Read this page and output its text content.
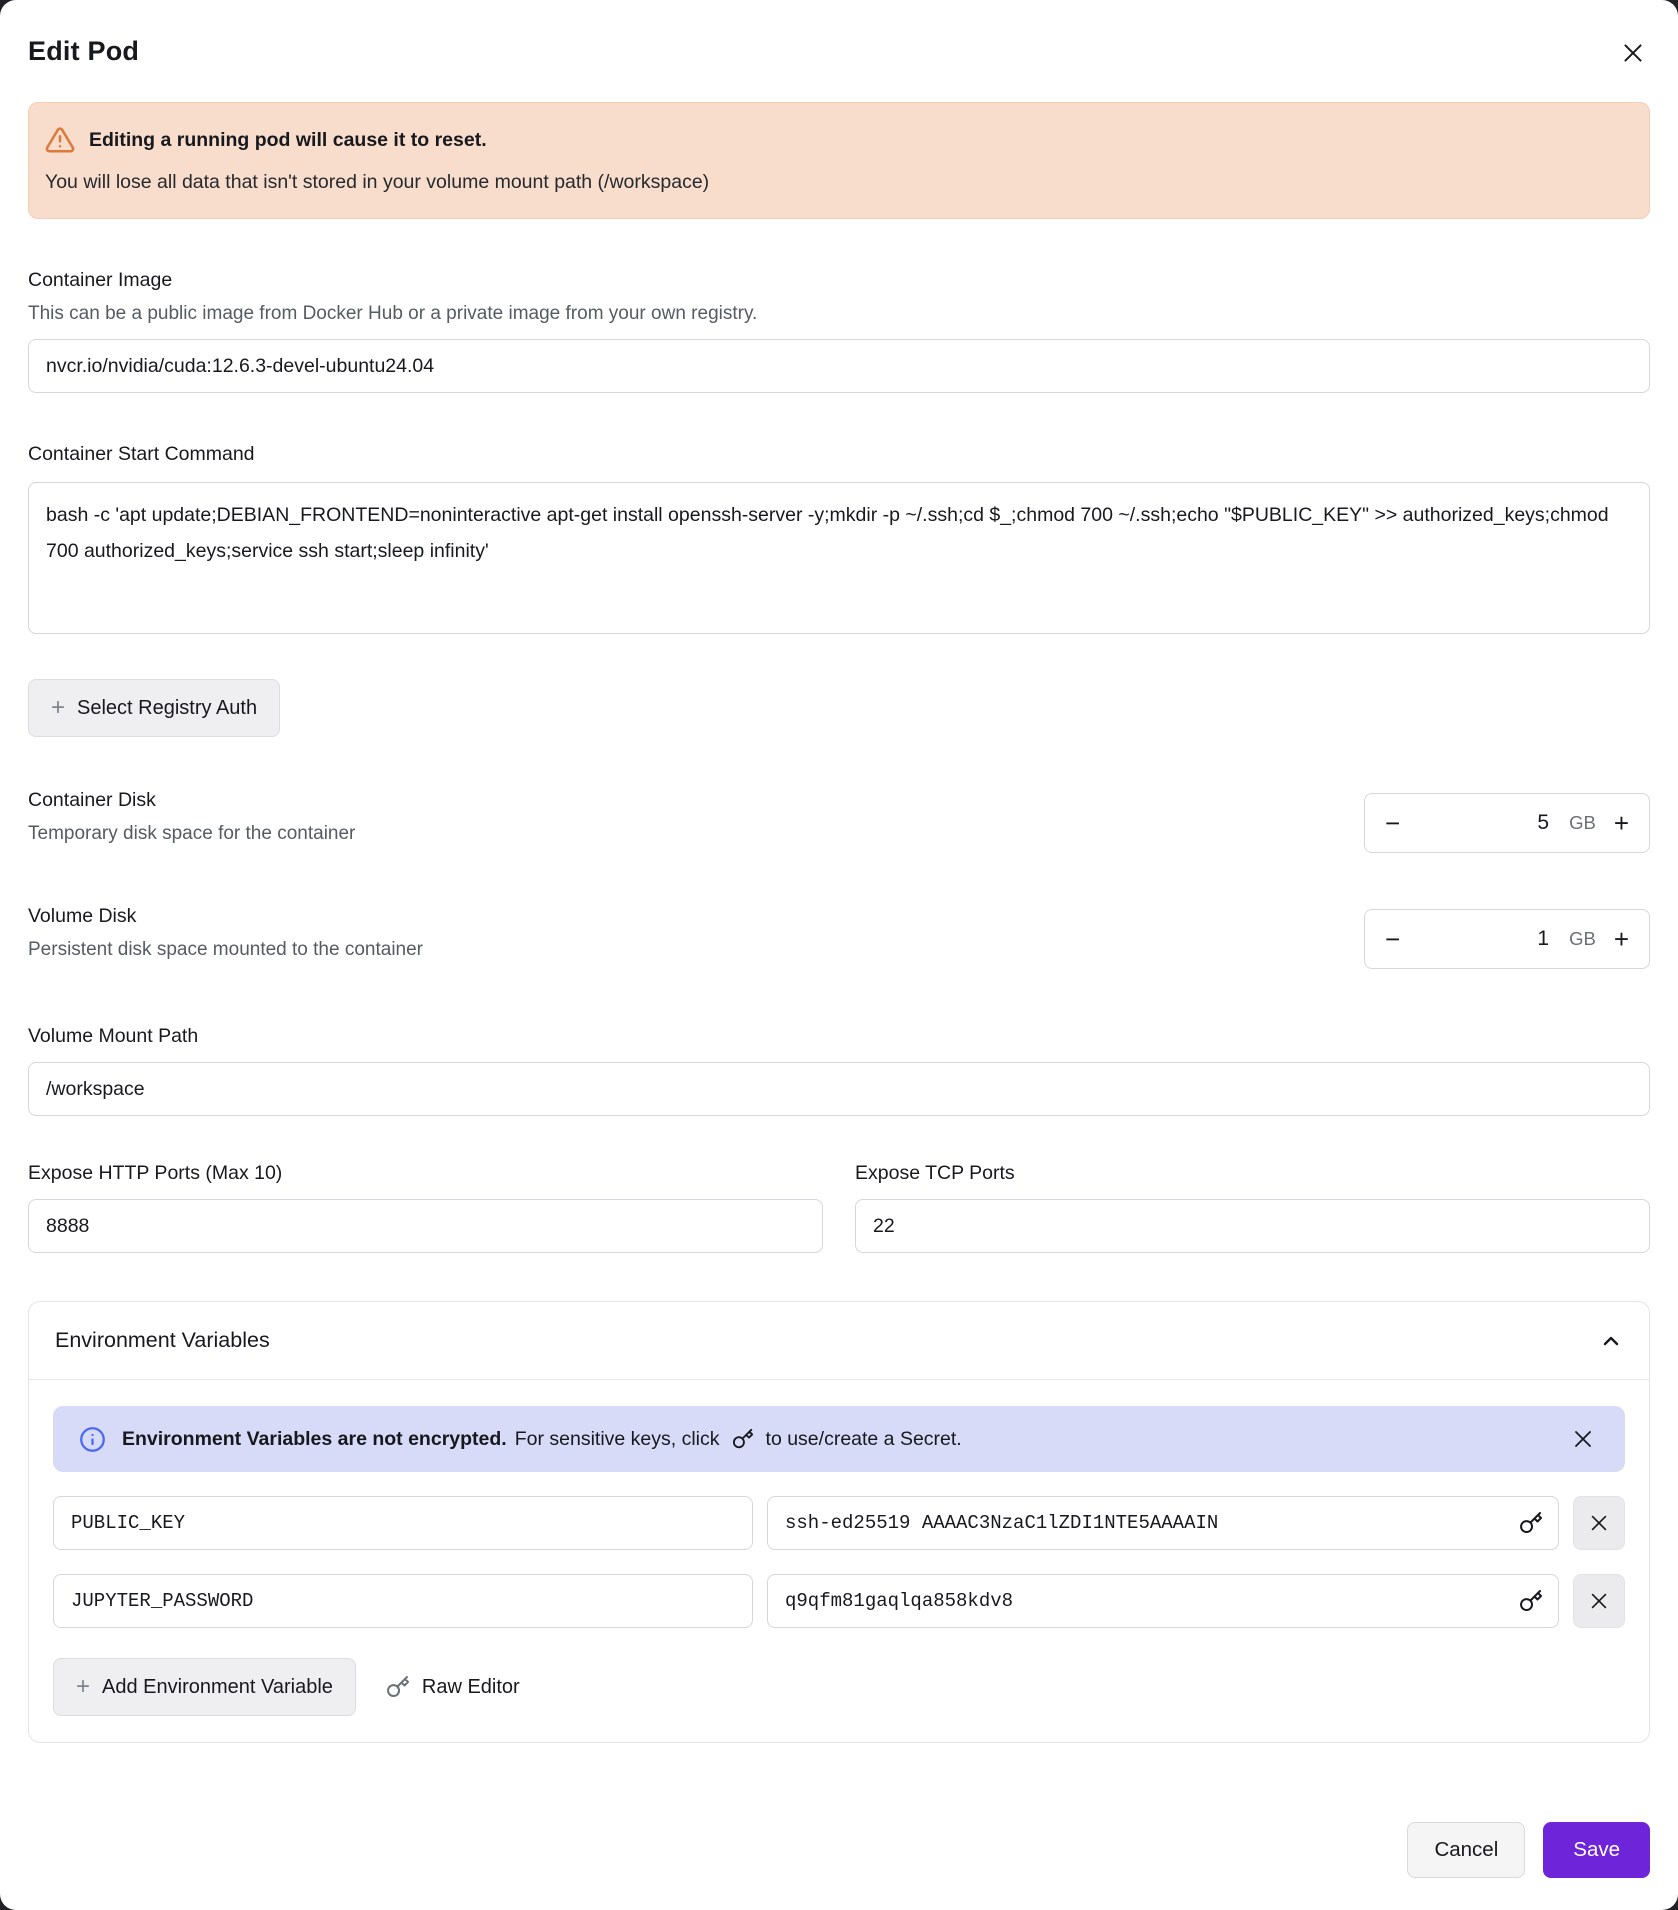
Edit Pod
Editing a running pod will cause it to reset.
You will lose all data that isn't stored in your volume mount path (/workspace)
Container Image
This can be a public image from Docker Hub or a private image from your own registry.
nvcr.io/nvidia/cuda:12.6.3-devel-ubuntu24.04
Container Start Command
bash -c 'apt update;DEBIAN_FRONTEND=noninteractive apt-get install openssh-server -y;mkdir -p ~/.ssh;cd $_;chmod 700 ~/.ssh;echo "$PUBLIC_KEY" >> authorized_keys;chmod 700 authorized_keys;service ssh start;sleep infinity'
+ Select Registry Auth
Container Disk
Temporary disk space for the container	−	5 GB +
Volume Disk
Persistent disk space mounted to the container	−	1 GB +
Volume Mount Path
/workspace
Expose HTTP Ports (Max 10)
8888	Expose TCP Ports
22
Environment Variables
Environment Variables are not encrypted. For sensitive keys, click to use/create a Secret.
PUBLIC_KEY
ssh-ed25519 AAAAC3NzaC1lZDI1NTE5AAAAIN
JUPYTER_PASSWORD
q9qfm81gaqlqa858kdv8
+ Add Environment Variable	Raw Editor
Cancel	Save
